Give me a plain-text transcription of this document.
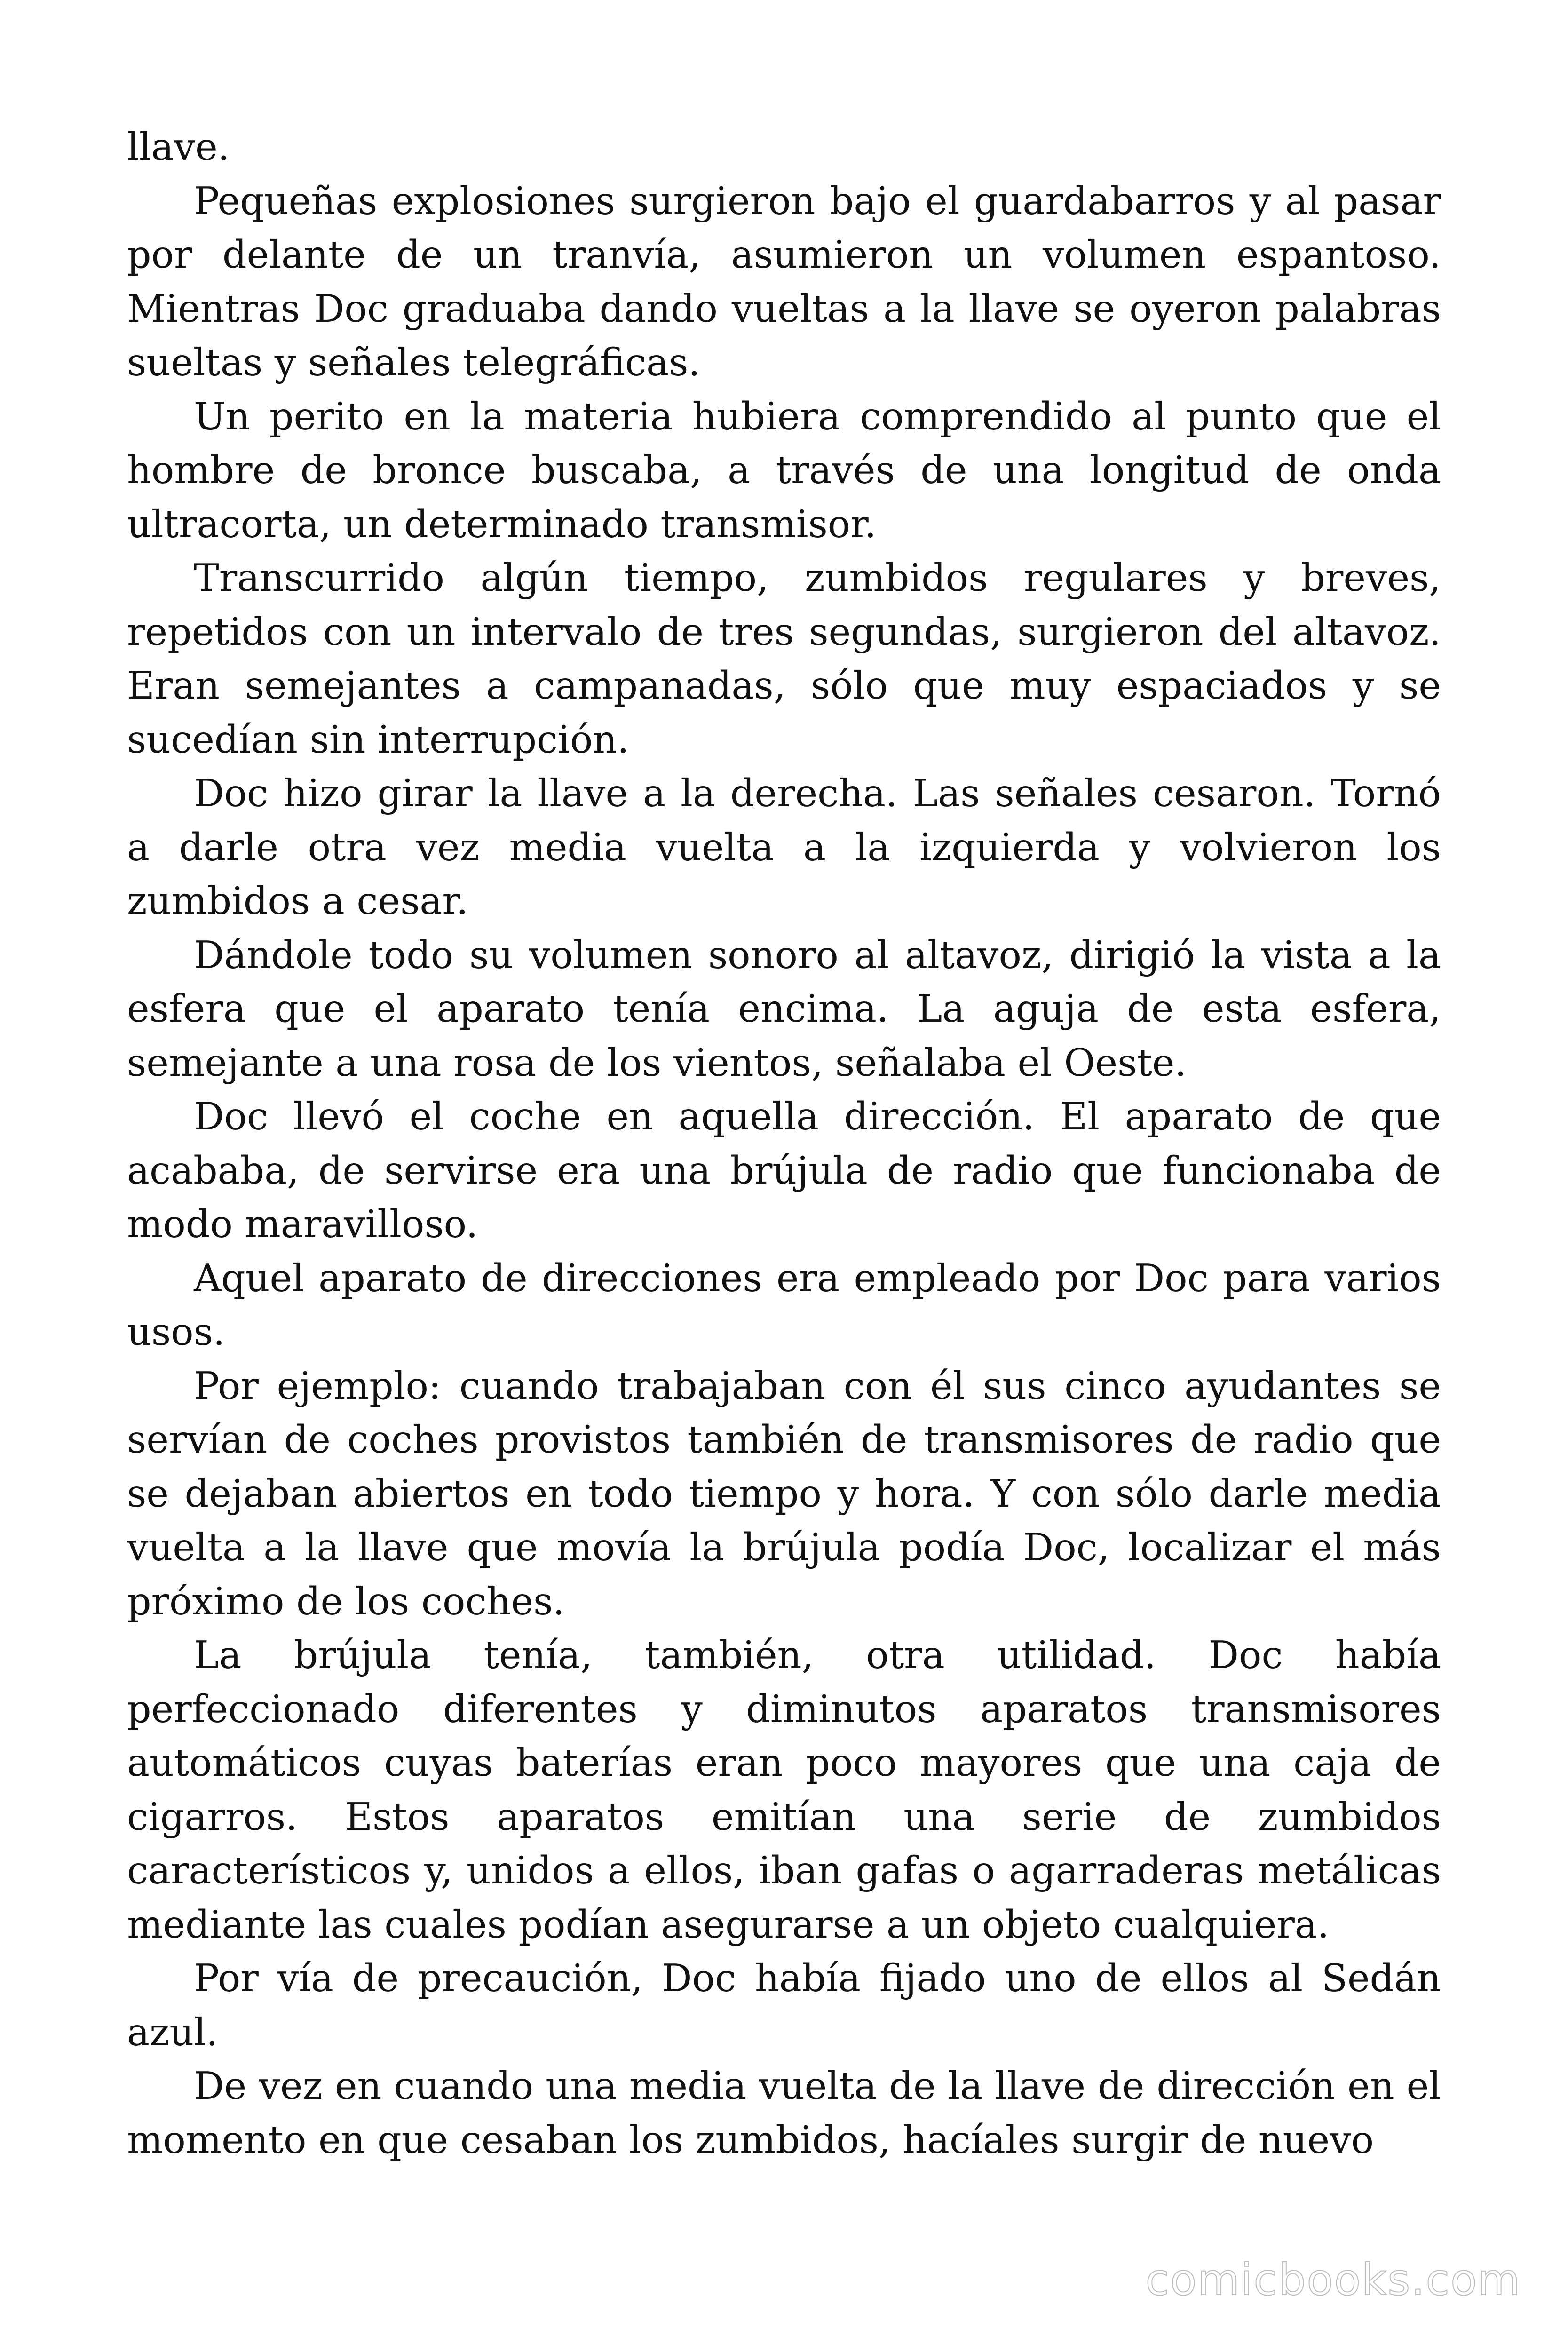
llave.

Pequeñas explosiones surgieron bajo el guardabarros y al pasar por delante de un tranvía, asumieron un volumen espantoso. Mientras Doc graduaba dando vueltas a la llave se oyeron palabras sueltas y señales telegráficas.

Un perito en la materia hubiera comprendido al punto que el hombre de bronce buscaba, a través de una longitud de onda ultracorta, un determinado transmisor.

Transcurrido algún tiempo, zumbidos regulares y breves, repetidos con un intervalo de tres segundas, surgieron del altavoz. Eran semejantes a campanadas, sólo que muy espaciados y se sucedían sin interrupción.

Doc hizo girar la llave a la derecha. Las señales cesaron. Tornó a darle otra vez media vuelta a la izquierda y volvieron los zumbidos a cesar.

Dándole todo su volumen sonoro al altavoz, dirigió la vista a la esfera que el aparato tenía encima. La aguja de esta esfera, semejante a una rosa de los vientos, señalaba el Oeste.

Doc llevó el coche en aquella dirección. El aparato de que acababa, de servirse era una brújula de radio que funcionaba de modo maravilloso.

Aquel aparato de direcciones era empleado por Doc para varios usos.

Por ejemplo: cuando trabajaban con él sus cinco ayudantes se servían de coches provistos también de transmisores de radio que se dejaban abiertos en todo tiempo y hora. Y con sólo darle media vuelta a la llave que movía la brújula podía Doc, localizar el más próximo de los coches.

La brújula tenía, también, otra utilidad. Doc había perfeccionado diferentes y diminutos aparatos transmisores automáticos cuyas baterías eran poco mayores que una caja de cigarros. Estos aparatos emitían una serie de zumbidos característicos y, unidos a ellos, iban gafas o agarraderas metálicas mediante las cuales podían asegurarse a un objeto cualquiera.

Por vía de precaución, Doc había fijado uno de ellos al Sedán azul.

De vez en cuando una media vuelta de la llave de dirección en el momento en que cesaban los zumbidos, hacíales surgir de nuevo

comicbooks.com
